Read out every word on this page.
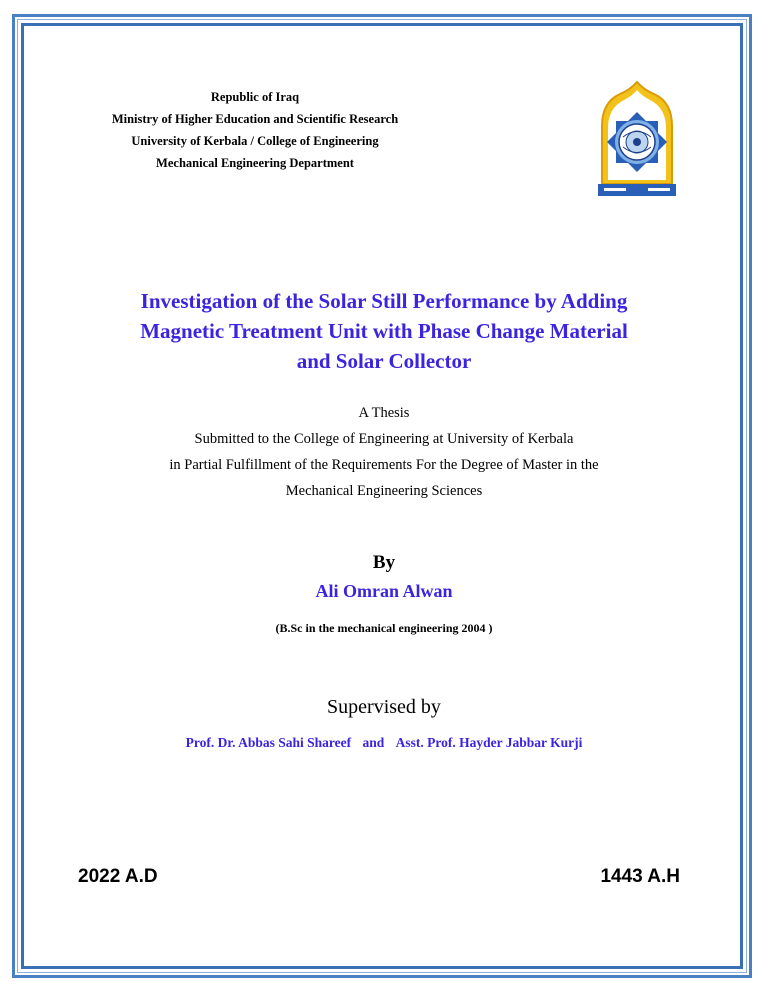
Republic of Iraq
Ministry of Higher Education and Scientific Research
University of Kerbala / College of Engineering
Mechanical Engineering Department
Investigation of the Solar Still Performance by Adding
Magnetic Treatment Unit with Phase Change Material
and Solar Collector
A Thesis
Submitted to the College of Engineering at University of Kerbala
in Partial Fulfillment of the Requirements For the Degree of Master in the
Mechanical Engineering Sciences
By
Ali Omran Alwan
(B.Sc in the mechanical engineering 2004 )
Supervised by
Prof. Dr. Abbas Sahi Shareef and Asst. Prof. Hayder Jabbar Kurji
2022 A.D	1443 A.H
